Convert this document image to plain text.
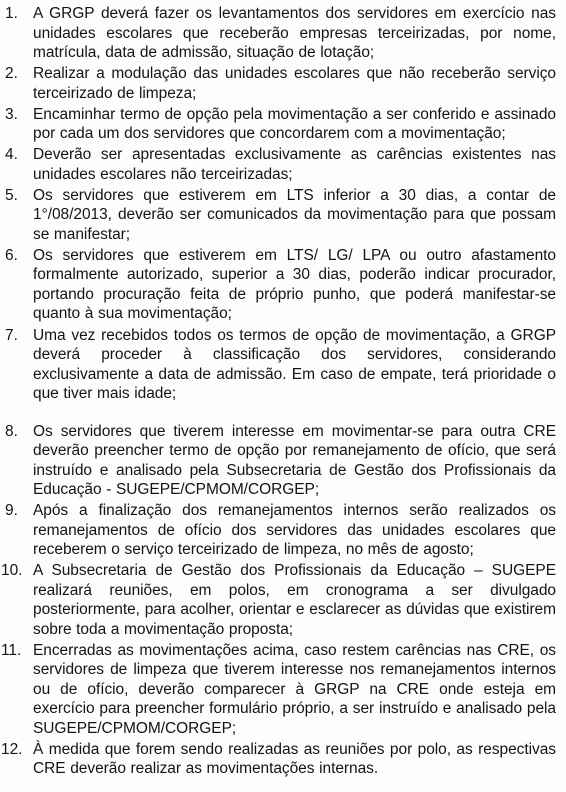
1. A GRGP deverá fazer os levantamentos dos servidores em exercício nas unidades escolares que receberão empresas terceirizadas, por nome, matrícula, data de admissão, situação de lotação;
2. Realizar a modulação das unidades escolares que não receberão serviço terceirizado de limpeza;
3. Encaminhar termo de opção pela movimentação a ser conferido e assinado por cada um dos servidores que concordarem com a movimentação;
4. Deverão ser apresentadas exclusivamente as carências existentes nas unidades escolares não terceirizadas;
5. Os servidores que estiverem em LTS inferior a 30 dias, a contar de 1°/08/2013, deverão ser comunicados da movimentação para que possam se manifestar;
6. Os servidores que estiverem em LTS/ LG/ LPA ou outro afastamento formalmente autorizado, superior a 30 dias, poderão indicar procurador, portando procuração feita de próprio punho, que poderá manifestar-se quanto à sua movimentação;
7. Uma vez recebidos todos os termos de opção de movimentação, a GRGP deverá proceder à classificação dos servidores, considerando exclusivamente a data de admissão. Em caso de empate, terá prioridade o que tiver mais idade;
8. Os servidores que tiverem interesse em movimentar-se para outra CRE deverão preencher termo de opção por remanejamento de ofício, que será instruído e analisado pela Subsecretaria de Gestão dos Profissionais da Educação - SUGEPE/CPMOM/CORGEP;
9. Após a finalização dos remanejamentos internos serão realizados os remanejamentos de ofício dos servidores das unidades escolares que receberem o serviço terceirizado de limpeza, no mês de agosto;
10. A Subsecretaria de Gestão dos Profissionais da Educação – SUGEPE realizará reuniões, em polos, em cronograma a ser divulgado posteriormente, para acolher, orientar e esclarecer as dúvidas que existirem sobre toda a movimentação proposta;
11. Encerradas as movimentações acima, caso restem carências nas CRE, os servidores de limpeza que tiverem interesse nos remanejamentos internos ou de ofício, deverão comparecer à GRGP na CRE onde esteja em exercício para preencher formulário próprio, a ser instruído e analisado pela SUGEPE/CPMOM/CORGEP;
12. À medida que forem sendo realizadas as reuniões por polo, as respectivas CRE deverão realizar as movimentações internas.
